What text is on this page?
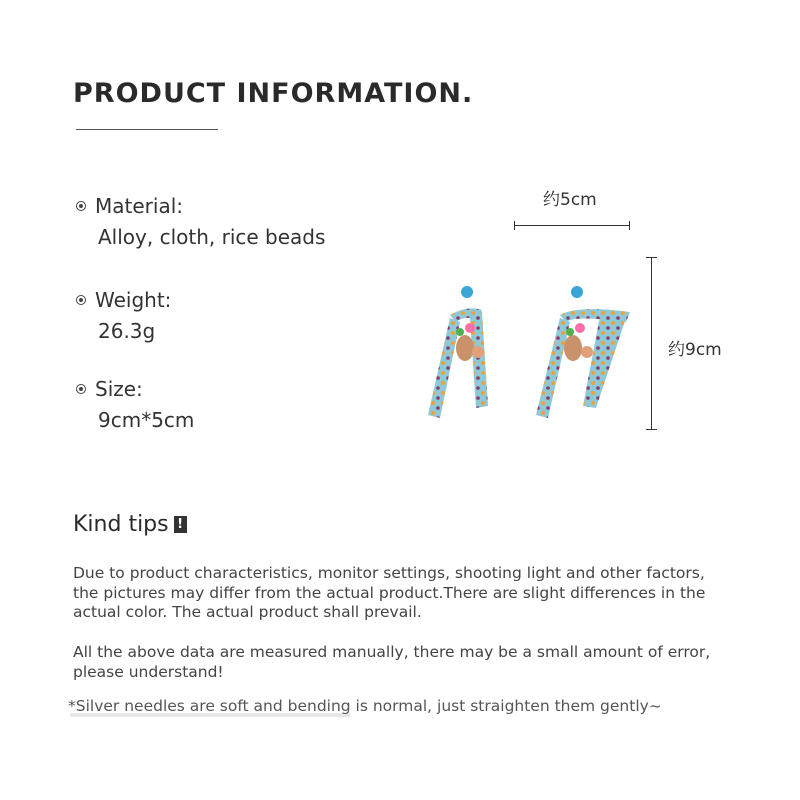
PRODUCT INFORMATION.
Material:
Alloy, cloth, rice beads
Weight:
26.3g
Size:
9cm*5cm
约5cm
约9cm
Kind tips !

Due to product characteristics, monitor settings, shooting light and other factors, the pictures may differ from the actual product.There are slight differences in the actual color. The actual product shall prevail.

All the above data are measured manually, there may be a small amount of error, please understand!

*Silver needles are soft and bending is normal, just straighten them gently~
